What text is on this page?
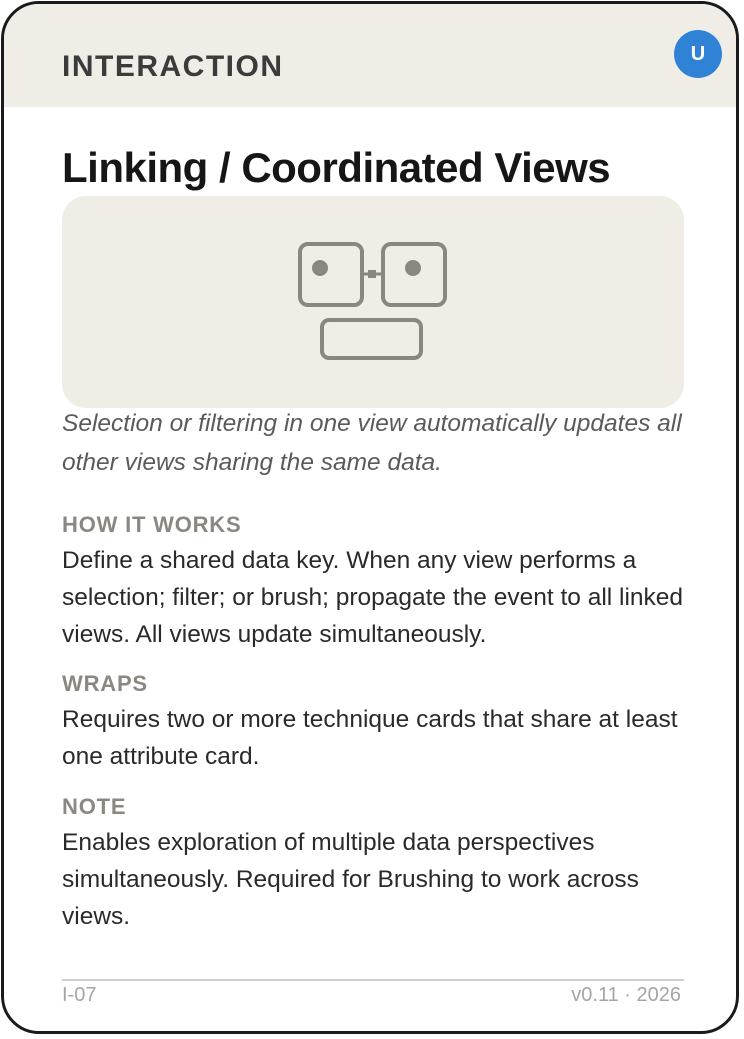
INTERACTION	U
Linking / Coordinated Views
Selection or filtering in one view automatically updates all other views sharing the same data.
HOW IT WORKS
Define a shared data key. When any view performs a selection; filter; or brush; propagate the event to all linked views. All views update simultaneously.
WRAPS
Requires two or more technique cards that share at least one attribute card.
NOTE
Enables exploration of multiple data perspectives simultaneously. Required for Brushing to work across views.
I-07	v0.11 · 2026
